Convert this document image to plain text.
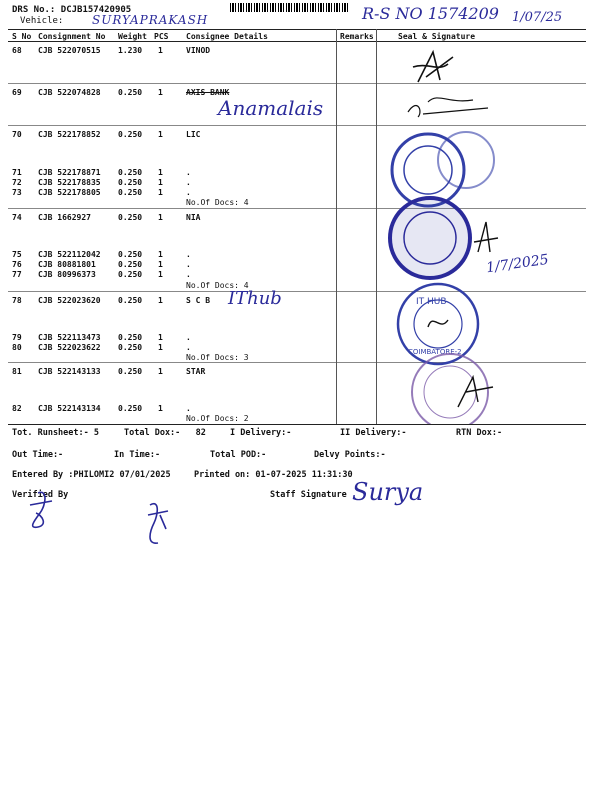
DRS No.: DCJB157420905
Vehicle: SURYAPRAKASH	R-S NO 1574209 1/07/25
S No Consignment No Weight PCS Consignee Details	Remarks	Seal & Signature
68 CJB 522070515 1.230 1	VINOD
69 CJB 522074828 0.250 1	AXIS BANK
70 CJB 522178852 0.250 1	LIC
71 CJB 522178871 0.250 1	.
72 CJB 522178835 0.250 1	.
73 CJB 522178805 0.250 1	.
No.Of Docs: 4
74 CJB 1662927	0.250 1	NIA
75 CJB 522112042 0.250 1	.
76 CJB 80881801	0.250 1	.
77 CJB 80996373	0.250 1	.
No.Of Docs: 4
78 CJB 522023620 0.250 1	S C B
79 CJB 522113473 0.250 1	.
80 CJB 522023622 0.250 1	.
No.Of Docs: 3
81 CJB 522143133 0.250 1	STAR
82 CJB 522143134 0.250 1	.
No.Of Docs: 2
Anamalais
IThub
1/7/2025
IT HUB
COIMBATORE-2
Tot. Runsheet:- 5	Total Dox:-   82	I Delivery:-	II Delivery:-	RTN Dox:-
Out Time:-	In Time:-	Total POD:-	Delvy Points:-
Entered By :PHILOMI2 07/01/2025	Printed on: 01-07-2025 11:31:30
Verified By	Staff Signature Surya
